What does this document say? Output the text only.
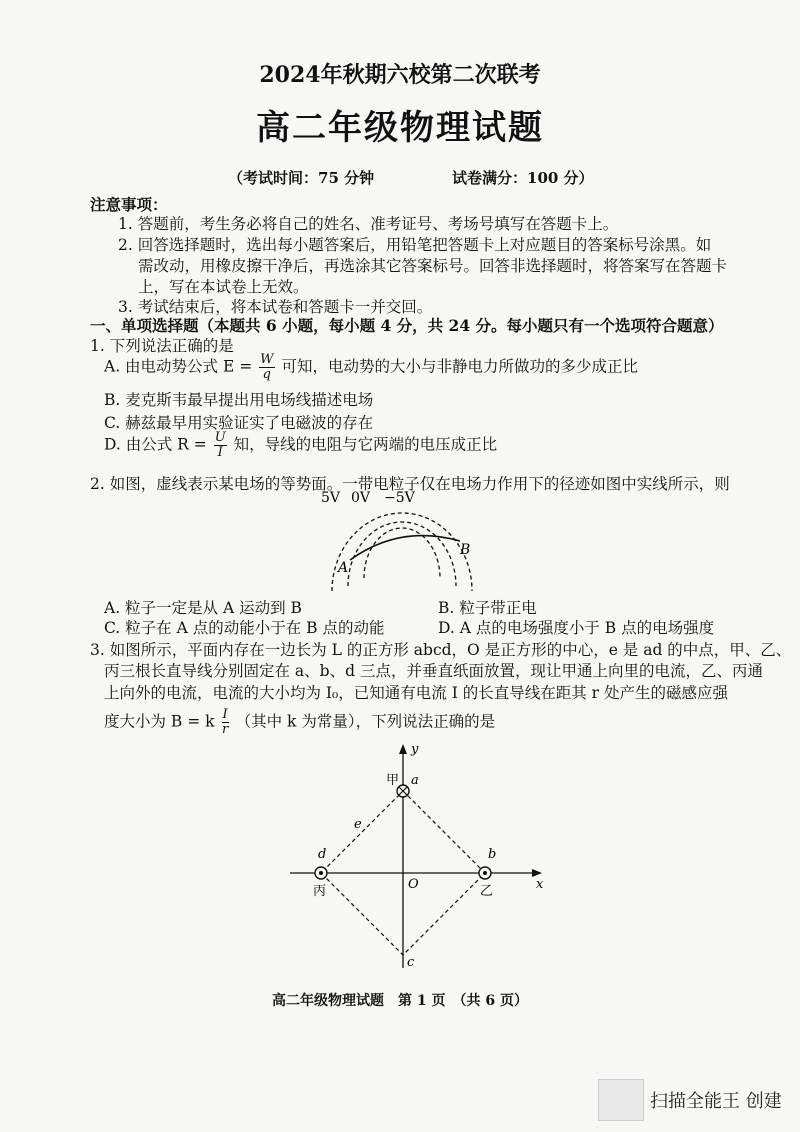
2024年秋期六校第二次联考
高二年级物理试题
（考试时间：75 分钟	试卷满分：100 分）
注意事项：
1. 答题前，考生务必将自己的姓名、准考证号、考场号填写在答题卡上。
2. 回答选择题时，选出每小题答案后，用铅笔把答题卡上对应题目的答案标号涂黑。如
需改动，用橡皮擦干净后，再选涂其它答案标号。回答非选择题时，将答案写在答题卡
上，写在本试卷上无效。
3. 考试结束后，将本试卷和答题卡一并交回。
一、单项选择题（本题共 6 小题，每小题 4 分，共 24 分。每小题只有一个选项符合题意）
1. 下列说法正确的是
A. 由电动势公式 $E = \frac{W}{q}$ 可知，电动势的大小与非静电力所做功的多少成正比
B. 麦克斯韦最早提出用电场线描述电场
C. 赫兹最早用实验证实了电磁波的存在
D. 由公式 $R = \frac{U}{I}$ 知，导线的电阻与它两端的电压成正比
2. 如图，虚线表示某电场的等势面。一带电粒子仅在电场力作用下的径迹如图中实线所示，则
5V 0V −5V
A
B
A. 粒子一定是从 A 运动到 B	B. 粒子带正电
C. 粒子在 A 点的动能小于在 B 点的动能	D. A 点的电场强度小于 B 点的电场强度
3. 如图所示，平面内存在一边长为 L 的正方形 abcd，O 是正方形的中心，e 是 ad 的中点，甲、乙、
丙三根长直导线分别固定在 a、b、d 三点，并垂直纸面放置，现让甲通上向里的电流，乙、丙通
上向外的电流，电流的大小均为 I₀，已知通有电流 I 的长直导线在距其 r 处产生的磁感应强
度大小为 B = k $\frac{I}{r}$ （其中 k 为常量），下列说法正确的是
x
y
甲 a
b
乙
d
丙	O
c
e
高二年级物理试题　第 1 页　（共 6 页）
扫描全能王 创建
